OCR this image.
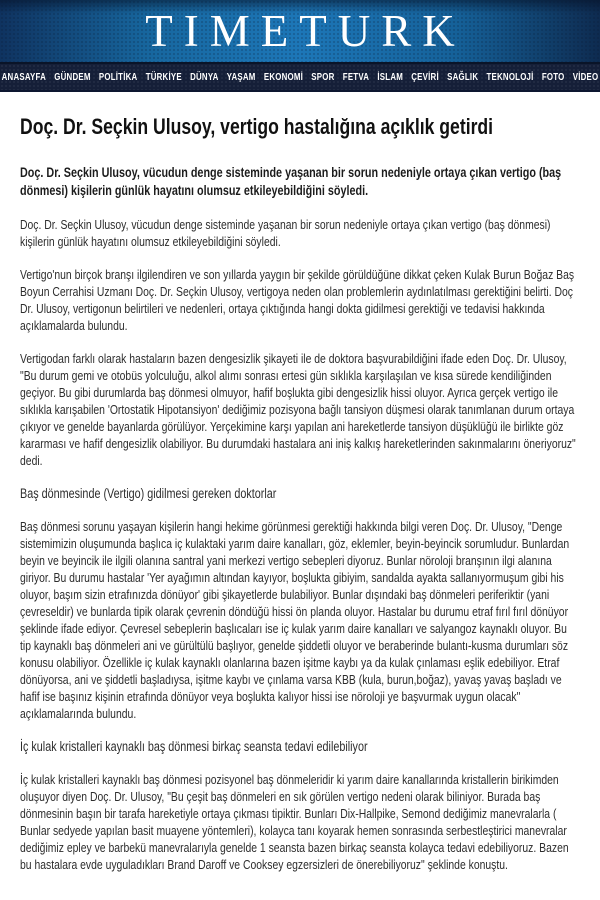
TIMETURK
ANASAYFA GÜNDEM POLİTİKA TÜRKİYE DÜNYA YAŞAM EKONOMİ SPOR FETVA İSLAM ÇEVİRİ SAĞLIK TEKNOLOJİ FOTO VİDEO
Doç. Dr. Seçkin Ulusoy, vertigo hastalığına açıklık getirdi

Doç. Dr. Seçkin Ulusoy, vücudun denge sisteminde yaşanan bir sorun nedeniyle ortaya çıkan vertigo (baş dönmesi) kişilerin günlük hayatını olumsuz etkileyebildiğini söyledi.

Doç. Dr. Seçkin Ulusoy, vücudun denge sisteminde yaşanan bir sorun nedeniyle ortaya çıkan vertigo (baş dönmesi) kişilerin günlük hayatını olumsuz etkileyebildiğini söyledi.

Vertigo'nun birçok branşı ilgilendiren ve son yıllarda yaygın bir şekilde görüldüğüne dikkat çeken Kulak Burun Boğaz Baş Boyun Cerrahisi Uzmanı Doç. Dr. Seçkin Ulusoy, vertigoya neden olan problemlerin aydınlatılması gerektiğini belirti. Doç Dr. Ulusoy, vertigonun belirtileri ve nedenleri, ortaya çıktığında hangi dokta gidilmesi gerektiği ve tedavisi hakkında açıklamalarda bulundu.

Vertigodan farklı olarak hastaların bazen dengesizlik şikayeti ile de doktora başvurabildiğini ifade eden Doç. Dr. Ulusoy, "Bu durum gemi ve otobüs yolculuğu, alkol alımı sonrası ertesi gün sıklıkla karşılaşılan ve kısa sürede kendiliğinden geçiyor. Bu gibi durumlarda baş dönmesi olmuyor, hafif boşlukta gibi dengesizlik hissi oluyor. Ayrıca gerçek vertigo ile sıklıkla karışabilen 'Ortostatik Hipotansiyon' dediğimiz pozisyona bağlı tansiyon düşmesi olarak tanımlanan durum ortaya çıkıyor ve genelde bayanlarda görülüyor. Yerçekimine karşı yapılan ani hareketlerde tansiyon düşüklüğü ile birlikte göz kararması ve hafif dengesizlik olabiliyor. Bu durumdaki hastalara ani iniş kalkış hareketlerinden sakınmalarını öneriyoruz" dedi.

Baş dönmesinde (Vertigo) gidilmesi gereken doktorlar

Baş dönmesi sorunu yaşayan kişilerin hangi hekime görünmesi gerektiği hakkında bilgi veren Doç. Dr. Ulusoy, "Denge sistemimizin oluşumunda başlıca iç kulaktaki yarım daire kanalları, göz, eklemler, beyin-beyincik sorumludur. Bunlardan beyin ve beyincik ile ilgili olanına santral yani merkezi vertigo sebepleri diyoruz. Bunlar nöroloji branşının ilgi alanına giriyor. Bu durumu hastalar 'Yer ayağımın altından kayıyor, boşlukta gibiyim, sandalda ayakta sallanıyormuşum gibi his oluyor, başım sizin etrafınızda dönüyor' gibi şikayetlerde bulabiliyor. Bunlar dışındaki baş dönmeleri periferiktir (yani çevreseldir) ve bunlarda tipik olarak çevrenin döndüğü hissi ön planda oluyor. Hastalar bu durumu etraf fırıl fırıl dönüyor şeklinde ifade ediyor. Çevresel sebeplerin başlıcaları ise iç kulak yarım daire kanalları ve salyangoz kaynaklı oluyor. Bu tip kaynaklı baş dönmeleri ani ve gürültülü başlıyor, genelde şiddetli oluyor ve beraberinde bulantı-kusma durumları söz konusu olabiliyor. Özellikle iç kulak kaynaklı olanlarına bazen işitme kaybı ya da kulak çınlaması eşlik edebiliyor. Etraf dönüyorsa, ani ve şiddetli başladıysa, işitme kaybı ve çınlama varsa KBB (kula, burun,boğaz), yavaş yavaş başladı ve hafif ise başınız kişinin etrafında dönüyor veya boşlukta kalıyor hissi ise nöroloji ye başvurmak uygun olacak" açıklamalarında bulundu.

İç kulak kristalleri kaynaklı baş dönmesi birkaç seansta tedavi edilebiliyor

İç kulak kristalleri kaynaklı baş dönmesi pozisyonel baş dönmeleridir ki yarım daire kanallarında kristallerin birikimden oluşuyor diyen Doç. Dr. Ulusoy, "Bu çeşit baş dönmeleri en sık görülen vertigo nedeni olarak biliniyor. Burada baş dönmesinin başın bir tarafa hareketiyle ortaya çıkması tipiktir. Bunları Dix-Hallpike, Semond dediğimiz manevralarla ( Bunlar sedyede yapılan basit muayene yöntemleri), kolayca tanı koyarak hemen sonrasında serbestleştirici manevralar dediğimiz epley ve barbekü manevralarıyla genelde 1 seansta bazen birkaç seansta kolayca tedavi edebiliyoruz. Bazen bu hastalara evde uyguladıkları Brand Daroff ve Cooksey egzersizleri de önerebiliyoruz" şeklinde konuştu.
